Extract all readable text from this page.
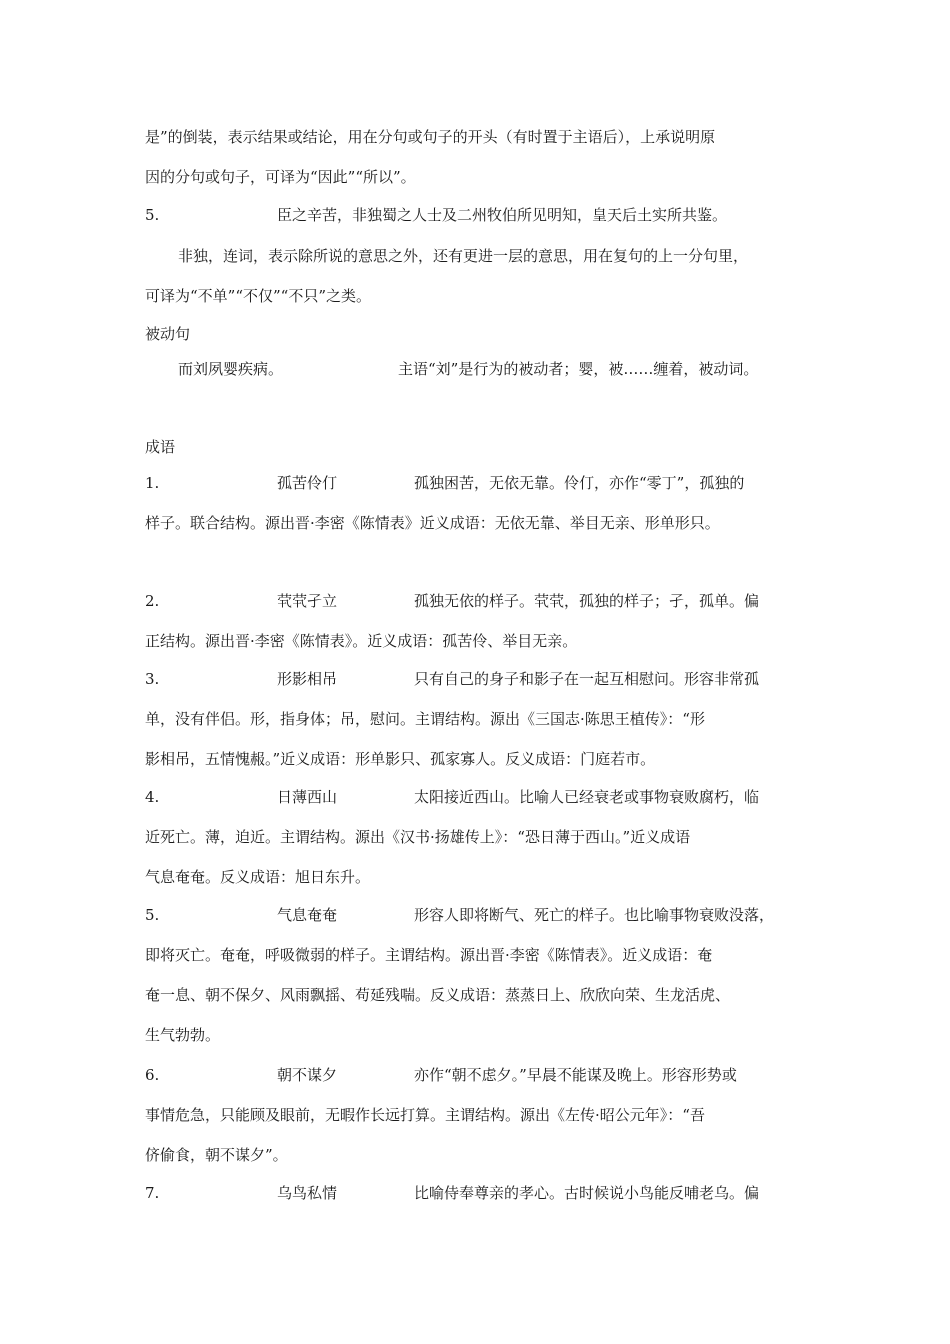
是”的倒装，表示结果或结论，用在分句或句子的开头（有时置于主语后），上承说明原
因的分句或句子，可译为“因此”“所以”。
5.	臣之辛苦，非独蜀之人士及二州牧伯所见明知，皇天后土实所共鉴。
非独，连词，表示除所说的意思之外，还有更进一层的意思，用在复句的上一分句里，
可译为“不单”“不仅”“不只”之类。
被动句
而刘夙婴疾病。	主语“刘”是行为的被动者；婴，被……缠着，被动词。
成语
1.	孤苦伶仃	孤独困苦，无依无靠。伶仃，亦作“零丁”，孤独的
样子。联合结构。源出晋·李密《陈情表》近义成语：无依无靠、举目无亲、形单形只。
2.	茕茕孑立	孤独无依的样子。茕茕，孤独的样子；孑，孤单。偏
正结构。源出晋·李密《陈情表》。近义成语：孤苦伶、举目无亲。
3.	形影相吊	只有自己的身子和影子在一起互相慰问。形容非常孤
单，没有伴侣。形，指身体；吊，慰问。主谓结构。源出《三国志·陈思王植传》：“形
影相吊，五情愧赧。”近义成语：形单影只、孤家寡人。反义成语：门庭若市。
4.	日薄西山	太阳接近西山。比喻人已经衰老或事物衰败腐朽，临
近死亡。薄，迫近。主谓结构。源出《汉书·扬雄传上》：“恐日薄于西山。”近义成语
气息奄奄。反义成语：旭日东升。
5.	气息奄奄	形容人即将断气、死亡的样子。也比喻事物衰败没落，
即将灭亡。奄奄，呼吸微弱的样子。主谓结构。源出晋·李密《陈情表》。近义成语：奄
奄一息、朝不保夕、风雨飘摇、苟延残喘。反义成语：蒸蒸日上、欣欣向荣、生龙活虎、
生气勃勃。
6.	朝不谋夕	亦作“朝不虑夕。”早晨不能谋及晚上。形容形势或
事情危急，只能顾及眼前，无暇作长远打算。主谓结构。源出《左传·昭公元年》：“吾
侪偷食，朝不谋夕”。
7.	乌鸟私情	比喻侍奉尊亲的孝心。古时候说小鸟能反哺老乌。偏
